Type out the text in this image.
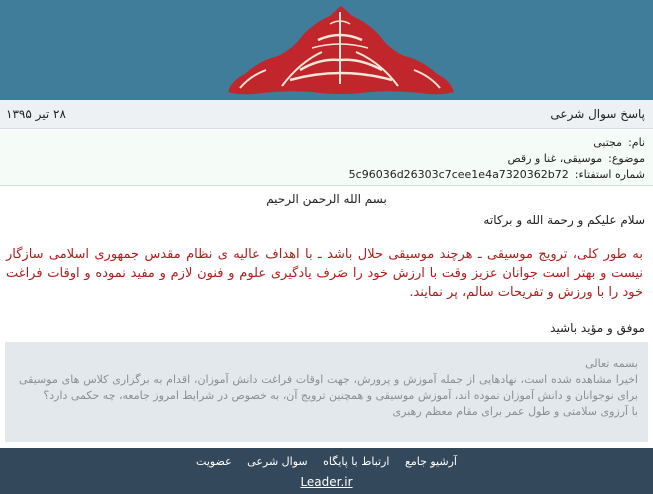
پاسخ سوال شرعی
۲۸ تیر ۱۳۹۵
نام:مجتبی
موضوع:موسیقی، غنا و رقص
شماره استفتاء:5c96036d26303c7cee1e4a7320362b72
بسم الله الرحمن الرحیم
سلام علیکم و رحمة الله و برکاته
به طور کلی، ترویج موسیقی ـ هرچند موسیقی حلال باشد ـ با اهداف عالیه ی نظام مقدس جمهوری اسلامی سازگار نیست و بهتر است جوانان عزیز وقت با ارزش خود را صَرف یادگیری علوم و فنون لازم و مفید نموده و اوقات فراغت خود را با ورزش و تفریحات سالم، پر نمایند.
موفق و مؤید باشید
بسمه تعالی
اخیرا مشاهده شده است، نهادهایی از جمله آموزش و پرورش، جهت اوقات فراغت دانش آموزان، اقدام به برگزاری کلاس های موسیقی برای نوجوانان و دانش آموزان نموده اند، آموزش موسیقی و همچنین ترویج آن، به خصوص در شرایط امروز جامعه، چه حکمی دارد؟
با آرزوی سلامتی و طول عمر برای مقام معظم رهبری
آرشیو جامع ارتباط با پایگاه سوال شرعی عضویت
Leader.ir
